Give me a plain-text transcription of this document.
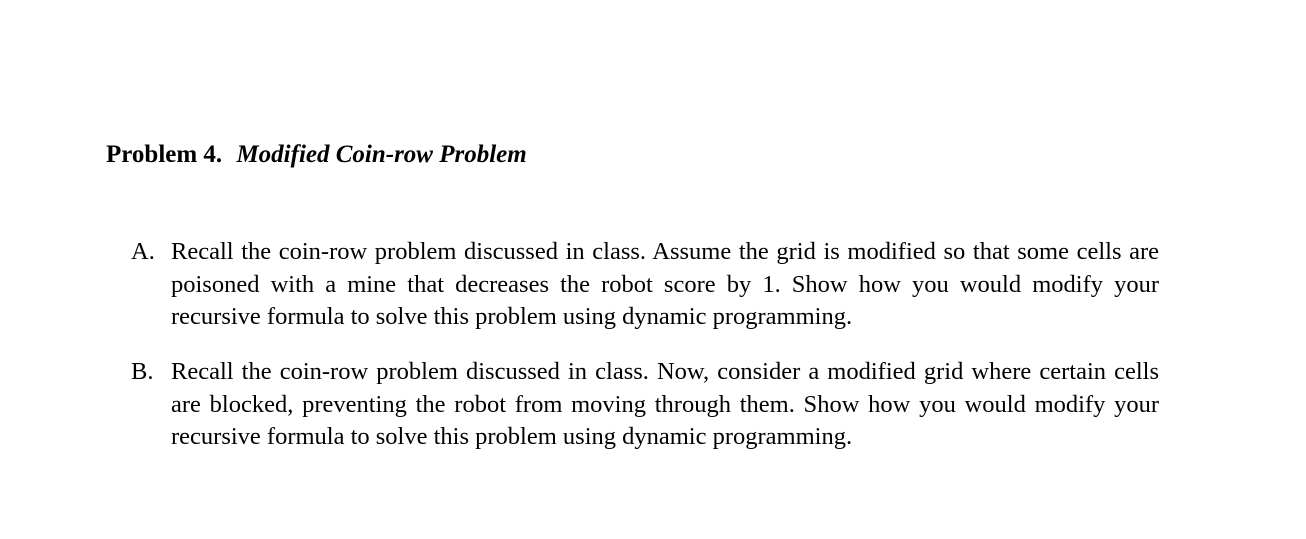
Problem 4. Modified Coin-row Problem
A. Recall the coin-row problem discussed in class. Assume the grid is modified so that some cells are poisoned with a mine that decreases the robot score by 1. Show how you would modify your recursive formula to solve this problem using dynamic programming.
B. Recall the coin-row problem discussed in class. Now, consider a modified grid where certain cells are blocked, preventing the robot from moving through them. Show how you would modify your recursive formula to solve this problem using dynamic programming.
